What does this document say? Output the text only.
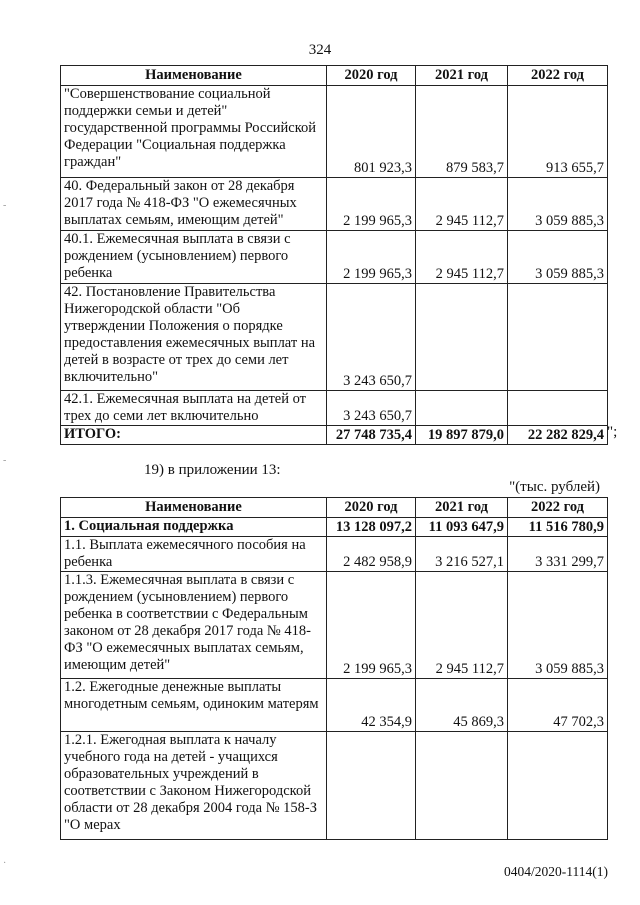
324
Наименование	2020 год	2021 год	2022 год
"Совершенствование социальной поддержки семьи и детей" государственной программы Российской Федерации "Социальная поддержка граждан"	801 923,3	879 583,7	913 655,7
40. Федеральный закон от 28 декабря 2017 года № 418-ФЗ "О ежемесячных выплатах семьям, имеющим детей"	2 199 965,3	2 945 112,7	3 059 885,3
40.1. Ежемесячная выплата в связи с рождением (усыновлением) первого ребенка	2 199 965,3	2 945 112,7	3 059 885,3
42. Постановление Правительства Нижегородской области "Об утверждении Положения о порядке предоставления ежемесячных выплат на детей в возрасте от трех до семи лет включительно"	3 243 650,7		
42.1. Ежемесячная выплата на детей от трех до семи лет включительно	3 243 650,7		
ИТОГО:	27 748 735,4	19 897 879,0	22 282 829,4 ";
19) в приложении 13:
"(тыс. рублей)
Наименование	2020 год	2021 год	2022 год
1. Социальная поддержка	13 128 097,2	11 093 647,9	11 516 780,9
1.1. Выплата ежемесячного пособия на ребенка	2 482 958,9	3 216 527,1	3 331 299,7
1.1.3. Ежемесячная выплата в связи с рождением (усыновлением) первого ребенка в соответствии с Федеральным законом от 28 декабря 2017 года № 418-ФЗ "О ежемесячных выплатах семьям, имеющим детей"	2 199 965,3	2 945 112,7	3 059 885,3
1.2. Ежегодные денежные выплаты многодетным семьям, одиноким матерям	42 354,9	45 869,3	47 702,3
1.2.1. Ежегодная выплата к началу учебного года на детей - учащихся образовательных учреждений в соответствии с Законом Нижегородской области от 28 декабря 2004 года № 158-З "О мерах			
0404/2020-1114(1)
-
-
·
